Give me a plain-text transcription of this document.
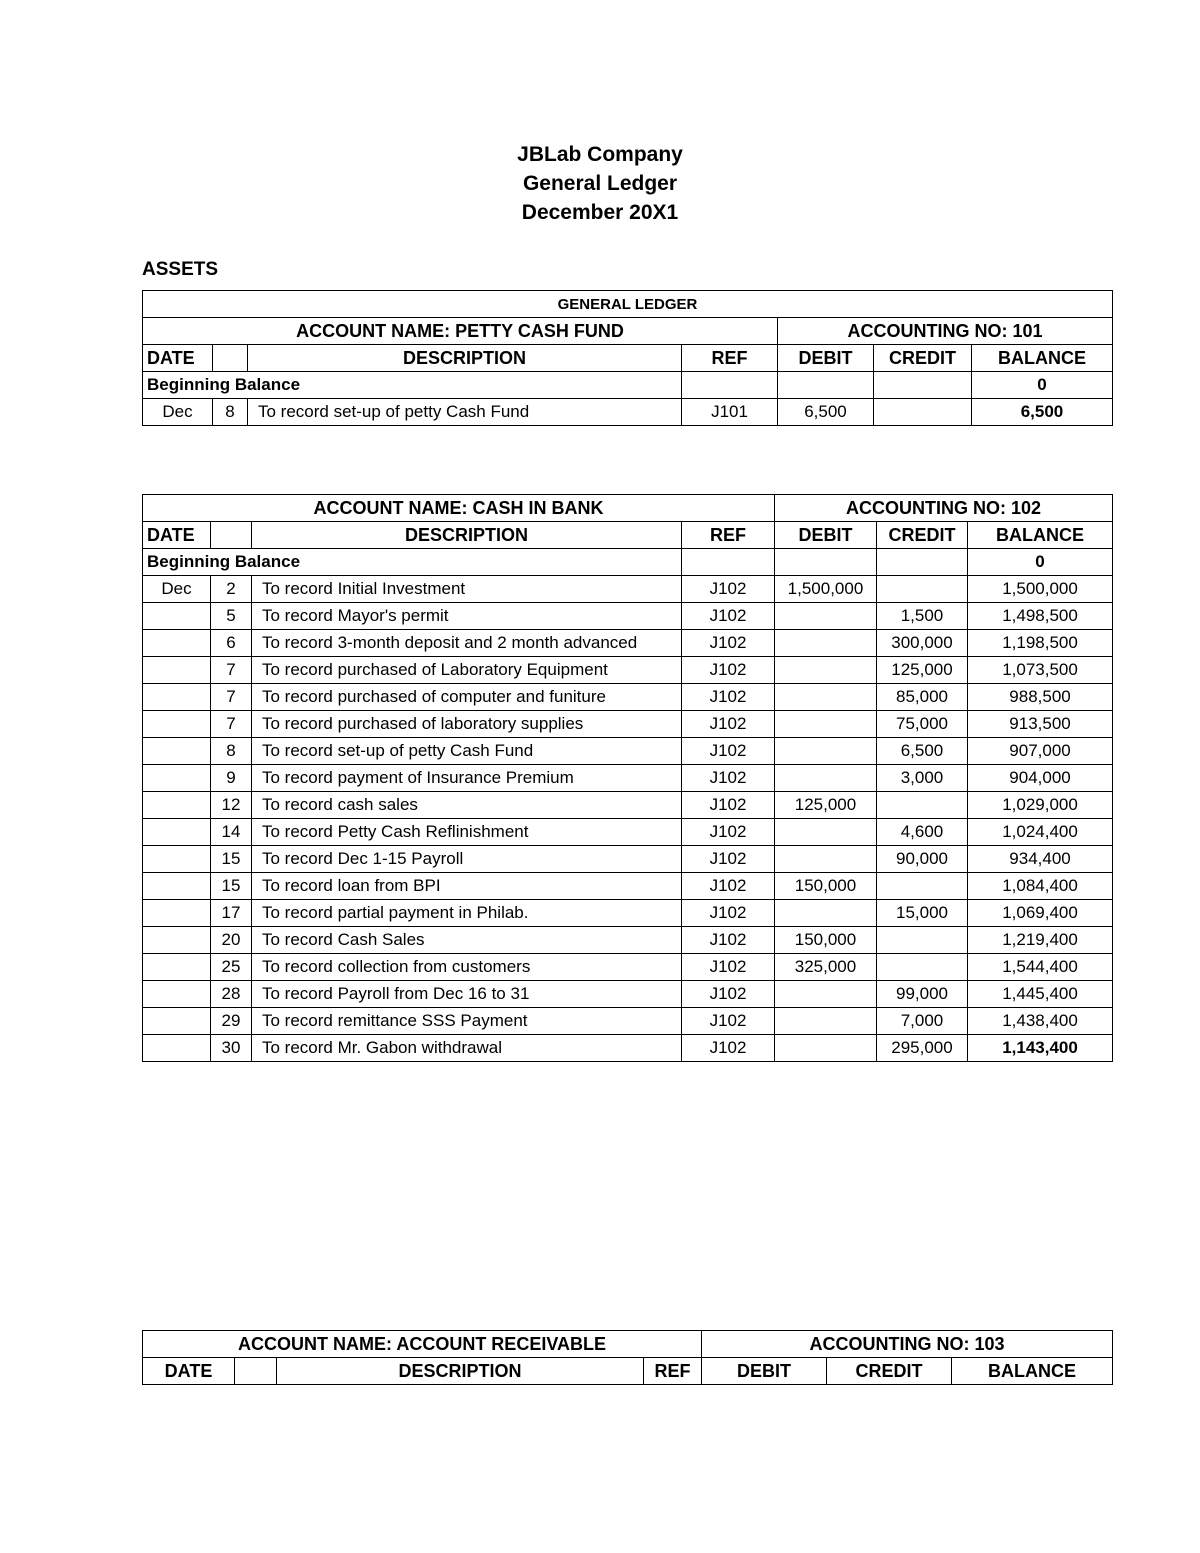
JBLab Company
General Ledger
December 20X1
ASSETS
GENERAL LEDGER						
ACCOUNT NAME: PETTY CASH FUND				ACCOUNTING NO: 101		
DATE		DESCRIPTION	REF	DEBIT	CREDIT	BALANCE
Beginning Balance						0
Dec	8	To record set-up of petty Cash Fund	J101	6,500		6,500
ACCOUNT NAME: CASH IN BANK				ACCOUNTING NO: 102		
DATE		DESCRIPTION	REF	DEBIT	CREDIT	BALANCE
Beginning Balance						0
Dec	2	To record Initial Investment	J102	1,500,000		1,500,000
	5	To record Mayor's permit	J102		1,500	1,498,500
	6	To record 3-month deposit and 2 month advanced	J102		300,000	1,198,500
	7	To record purchased of Laboratory Equipment	J102		125,000	1,073,500
	7	To record purchased of computer and funiture	J102		85,000	988,500
	7	To record purchased of laboratory supplies	J102		75,000	913,500
	8	To record set-up of petty Cash Fund	J102		6,500	907,000
	9	To record payment of Insurance Premium	J102		3,000	904,000
	12	To record cash sales	J102	125,000		1,029,000
	14	To record Petty Cash Reflinishment	J102		4,600	1,024,400
	15	To record Dec 1-15 Payroll	J102		90,000	934,400
	15	To record loan from BPI	J102	150,000		1,084,400
	17	To record partial payment in Philab.	J102		15,000	1,069,400
	20	To record Cash Sales	J102	150,000		1,219,400
	25	To record collection from customers	J102	325,000		1,544,400
	28	To record Payroll from Dec 16 to 31	J102		99,000	1,445,400
	29	To record remittance SSS Payment	J102		7,000	1,438,400
	30	To record Mr. Gabon withdrawal	J102		295,000	1,143,400
ACCOUNT NAME: ACCOUNT RECEIVABLE				ACCOUNTING NO: 103		
DATE		DESCRIPTION	REF	DEBIT	CREDIT	BALANCE
